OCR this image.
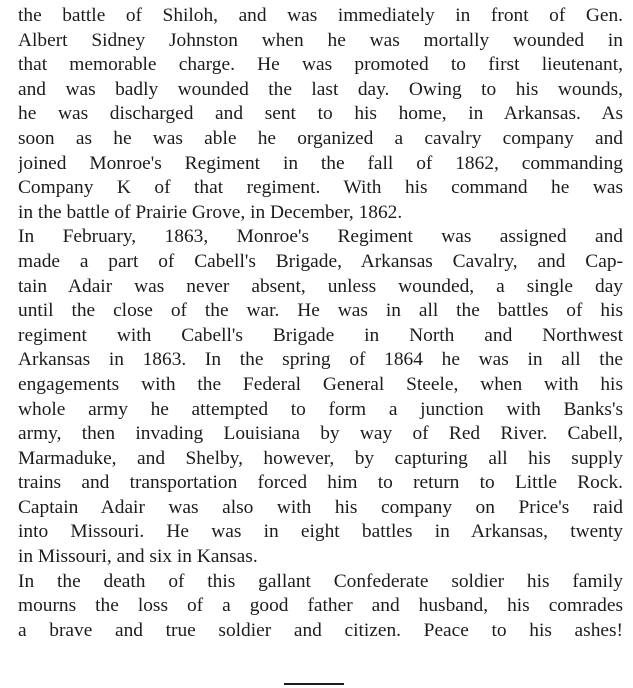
the battle of Shiloh, and was immediately in front of Gen.
Albert Sidney Johnston when he was mortally wounded in
that memorable charge. He was promoted to first lieutenant,
and was badly wounded the last day. Owing to his wounds,
he was discharged and sent to his home, in Arkansas. As
soon as he was able he organized a cavalry company and
joined Monroe's Regiment in the fall of 1862, commanding
Company K of that regiment. With his command he was
in the battle of Prairie Grove, in December, 1862.
In February, 1863, Monroe's Regiment was assigned and
made a part of Cabell's Brigade, Arkansas Cavalry, and Cap-
tain Adair was never absent, unless wounded, a single day
until the close of the war. He was in all the battles of his
regiment with Cabell's Brigade in North and Northwest
Arkansas in 1863. In the spring of 1864 he was in all the
engagements with the Federal General Steele, when with his
whole army he attempted to form a junction with Banks's
army, then invading Louisiana by way of Red River. Cabell,
Marmaduke, and Shelby, however, by capturing all his supply
trains and transportation forced him to return to Little Rock.
Captain Adair was also with his company on Price's raid
into Missouri. He was in eight battles in Arkansas, twenty
in Missouri, and six in Kansas.
In the death of this gallant Confederate soldier his family
mourns the loss of a good father and husband, his comrades
a brave and true soldier and citizen. Peace to his ashes!
